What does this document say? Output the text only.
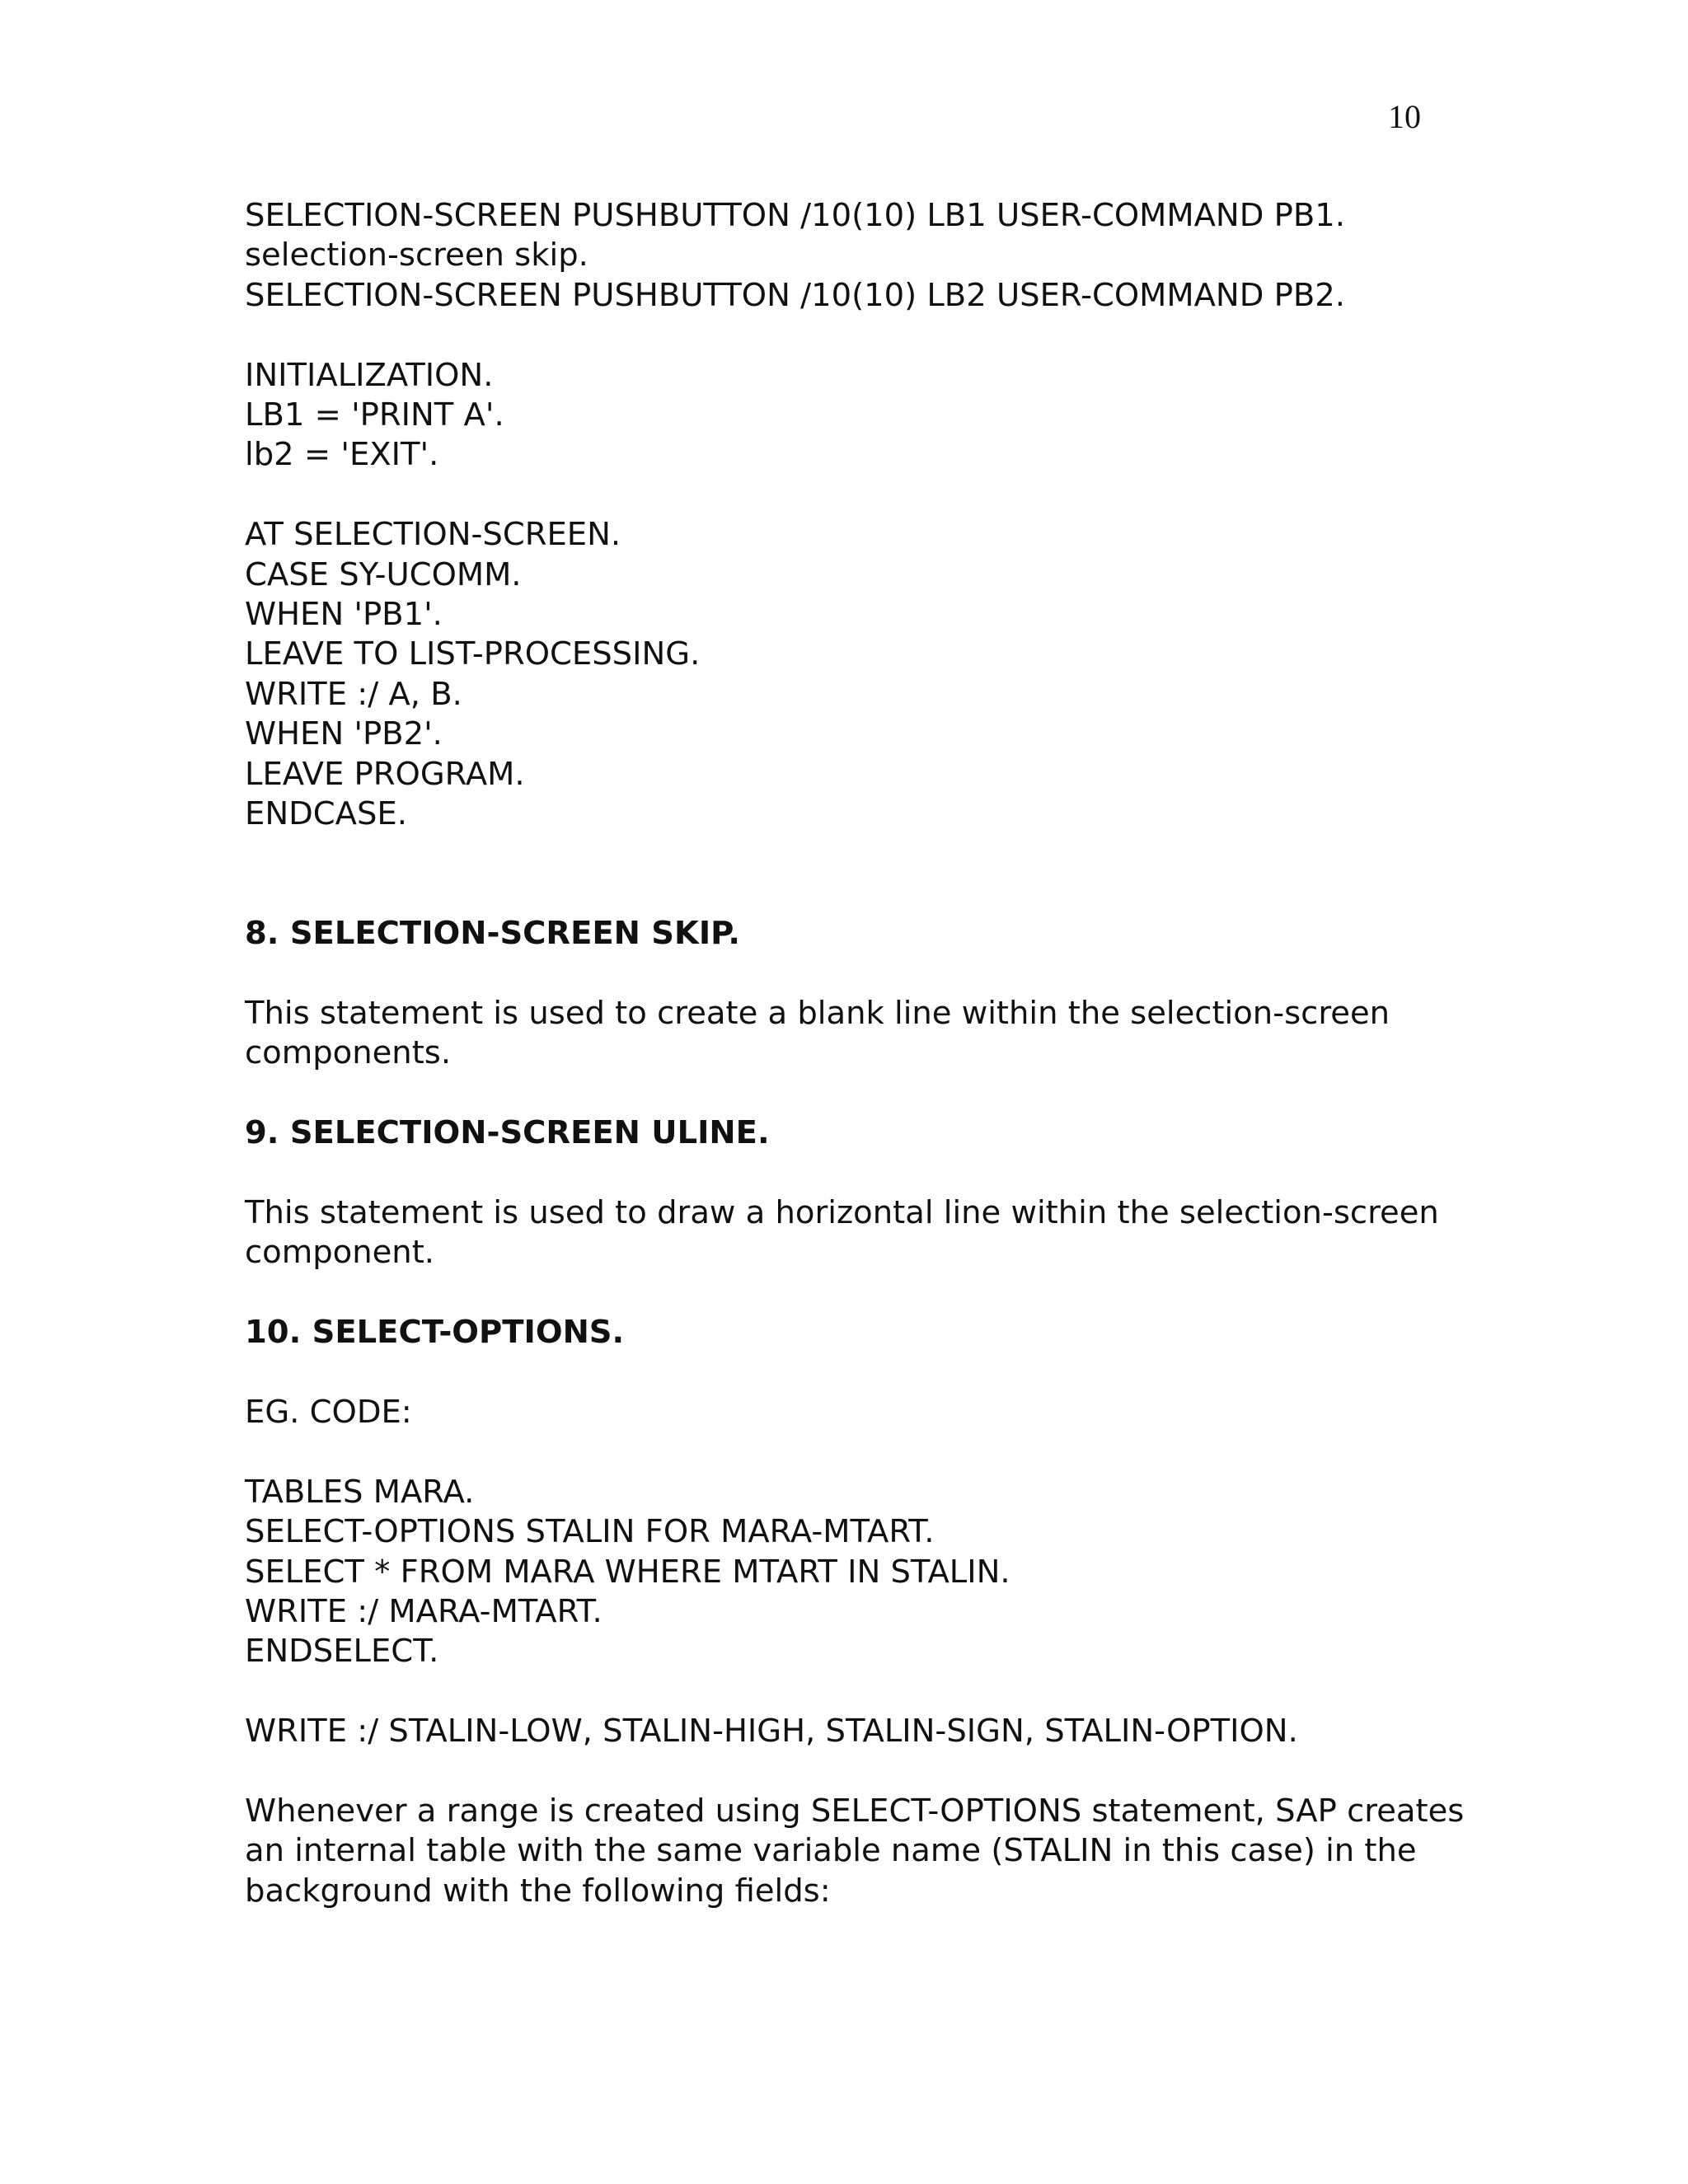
10
SELECTION-SCREEN PUSHBUTTON /10(10) LB1 USER-COMMAND PB1.
selection-screen skip.
SELECTION-SCREEN PUSHBUTTON /10(10) LB2 USER-COMMAND PB2.
INITIALIZATION.
LB1 = 'PRINT A'.
lb2 = 'EXIT'.
AT SELECTION-SCREEN.
CASE SY-UCOMM.
WHEN 'PB1'.
LEAVE TO LIST-PROCESSING.
WRITE :/ A, B.
WHEN 'PB2'.
LEAVE PROGRAM.
ENDCASE.
8. SELECTION-SCREEN SKIP.
This statement is used to create a blank line within the selection-screen
components.
9. SELECTION-SCREEN ULINE.
This statement is used to draw a horizontal line within the selection-screen
component.
10. SELECT-OPTIONS.
EG. CODE:
TABLES MARA.
SELECT-OPTIONS STALIN FOR MARA-MTART.
SELECT * FROM MARA WHERE MTART IN STALIN.
WRITE :/ MARA-MTART.
ENDSELECT.
WRITE :/ STALIN-LOW, STALIN-HIGH, STALIN-SIGN, STALIN-OPTION.
Whenever a range is created using SELECT-OPTIONS statement, SAP creates
an internal table with the same variable name (STALIN in this case) in the
background with the following fields:
